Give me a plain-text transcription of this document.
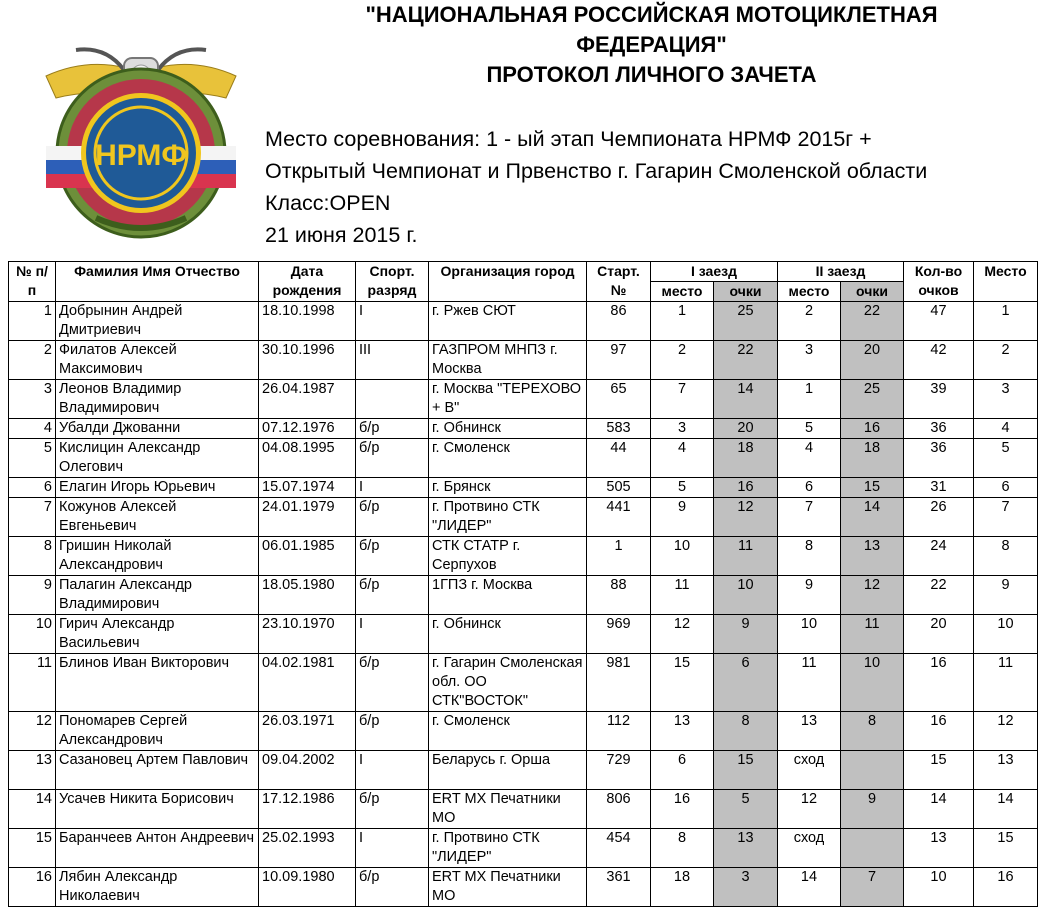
НРМФ
"НАЦИОНАЛЬНАЯ РОССИЙСКАЯ МОТОЦИКЛЕТНАЯ
ФЕДЕРАЦИЯ"
ПРОТОКОЛ ЛИЧНОГО ЗАЧЕТА
Место соревнования: 1 - ый этап Чемпионата НРМФ 2015г +
Открытый Чемпионат и Првенство г. Гагарин Смоленской области
Класс:OPEN
21 июня 2015 г.
№ п/п	Фамилия Имя Отчество	Дата рождения	Спорт. разряд	Организация город	Старт. №	I заезд		II заезд		Кол-во очков	Место
						место	очки	место	очки		
1	Добрынин Андрей Дмитриевич	18.10.1998	I	г. Ржев СЮТ	86	1	25	2	22	47	1
2	Филатов Алексей Максимович	30.10.1996	III	ГАЗПРОМ МНПЗ г. Москва	97	2	22	3	20	42	2
3	Леонов Владимир Владимирович	26.04.1987		г. Москва "ТЕРЕХОВО + В"	65	7	14	1	25	39	3
4	Убалди Джованни	07.12.1976	б/р	г. Обнинск	583	3	20	5	16	36	4
5	Кислицин Александр Олегович	04.08.1995	б/р	г. Смоленск	44	4	18	4	18	36	5
6	Елагин Игорь Юрьевич	15.07.1974	I	г. Брянск	505	5	16	6	15	31	6
7	Кожунов Алексей Евгеньевич	24.01.1979	б/р	г. Протвино СТК "ЛИДЕР"	441	9	12	7	14	26	7
8	Гришин Николай Александрович	06.01.1985	б/р	СТК СТАТР г. Серпухов	1	10	11	8	13	24	8
9	Палагин Александр Владимирович	18.05.1980	б/р	1ГПЗ г. Москва	88	11	10	9	12	22	9
10	Гирич Александр Васильевич	23.10.1970	I	г. Обнинск	969	12	9	10	11	20	10
11	Блинов Иван Викторович	04.02.1981	б/р	г. Гагарин Смоленская обл. ОО СТК"ВОСТОК"	981	15	6	11	10	16	11
12	Пономарев Сергей Александрович	26.03.1971	б/р	г. Смоленск	112	13	8	13	8	16	12
13	Сазановец Артем Павлович	09.04.2002	I	Беларусь г. Орша	729	6	15	сход		15	13
14	Усачев Никита Борисович	17.12.1986	б/р	ERT MX Печатники МО	806	16	5	12	9	14	14
15	Баранчеев Антон Андреевич	25.02.1993	I	г. Протвино СТК "ЛИДЕР"	454	8	13	сход		13	15
16	Лябин Александр Николаевич	10.09.1980	б/р	ERT MX Печатники МО	361	18	3	14	7	10	16
